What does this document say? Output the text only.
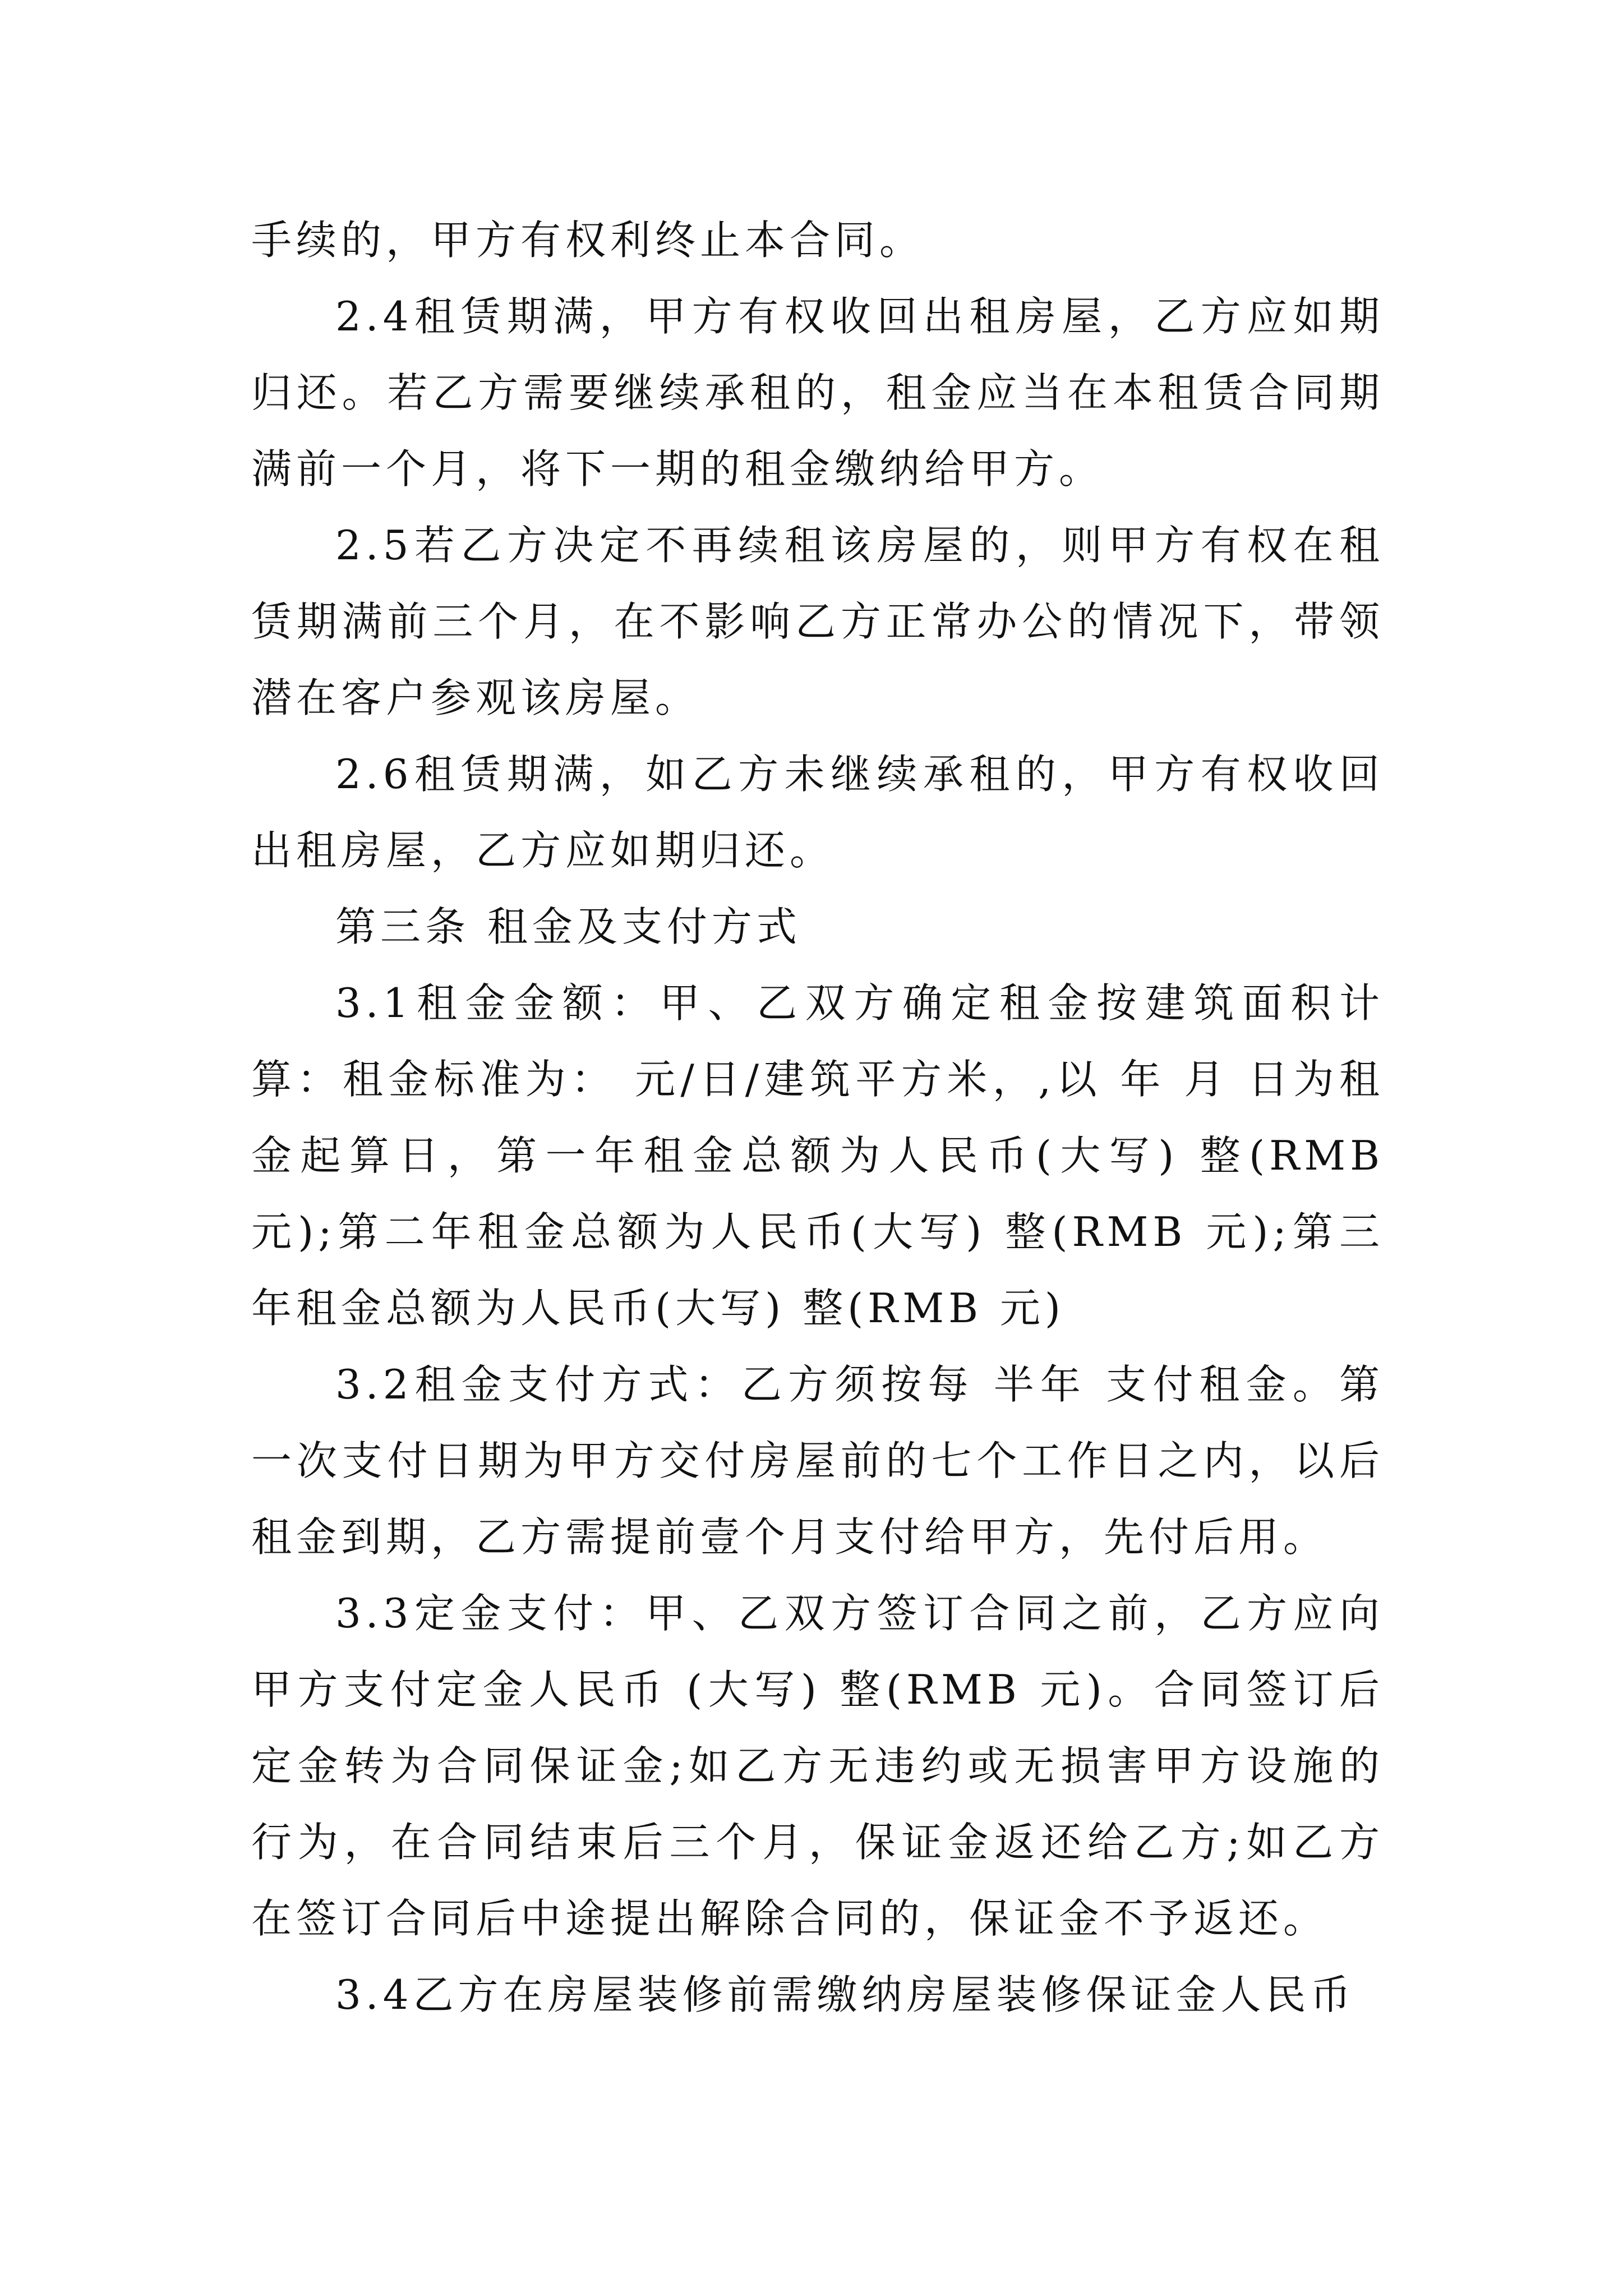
手续的，甲方有权利终止本合同。

2.4租赁期满，甲方有权收回出租房屋，乙方应如期归还。若乙方需要继续承租的，租金应当在本租赁合同期满前一个月，将下一期的租金缴纳给甲方。

2.5若乙方决定不再续租该房屋的，则甲方有权在租赁期满前三个月，在不影响乙方正常办公的情况下，带领潜在客户参观该房屋。

2.6租赁期满，如乙方未继续承租的，甲方有权收回出租房屋，乙方应如期归还。

第三条 租金及支付方式

3.1租金金额：甲、乙双方确定租金按建筑面积计算：租金标准为： 元/日/建筑平方米，,以 年 月 日为租金起算日，第一年租金总额为人民币(大写) 整(RMB 元);第二年租金总额为人民币(大写) 整(RMB 元);第三年租金总额为人民币(大写) 整(RMB 元)

3.2租金支付方式：乙方须按每 半年 支付租金。第一次支付日期为甲方交付房屋前的七个工作日之内，以后租金到期，乙方需提前壹个月支付给甲方，先付后用。

3.3定金支付：甲、乙双方签订合同之前，乙方应向甲方支付定金人民币 (大写) 整(RMB 元)。合同签订后定金转为合同保证金;如乙方无违约或无损害甲方设施的行为，在合同结束后三个月，保证金返还给乙方;如乙方在签订合同后中途提出解除合同的，保证金不予返还。

3.4乙方在房屋装修前需缴纳房屋装修保证金人民币
